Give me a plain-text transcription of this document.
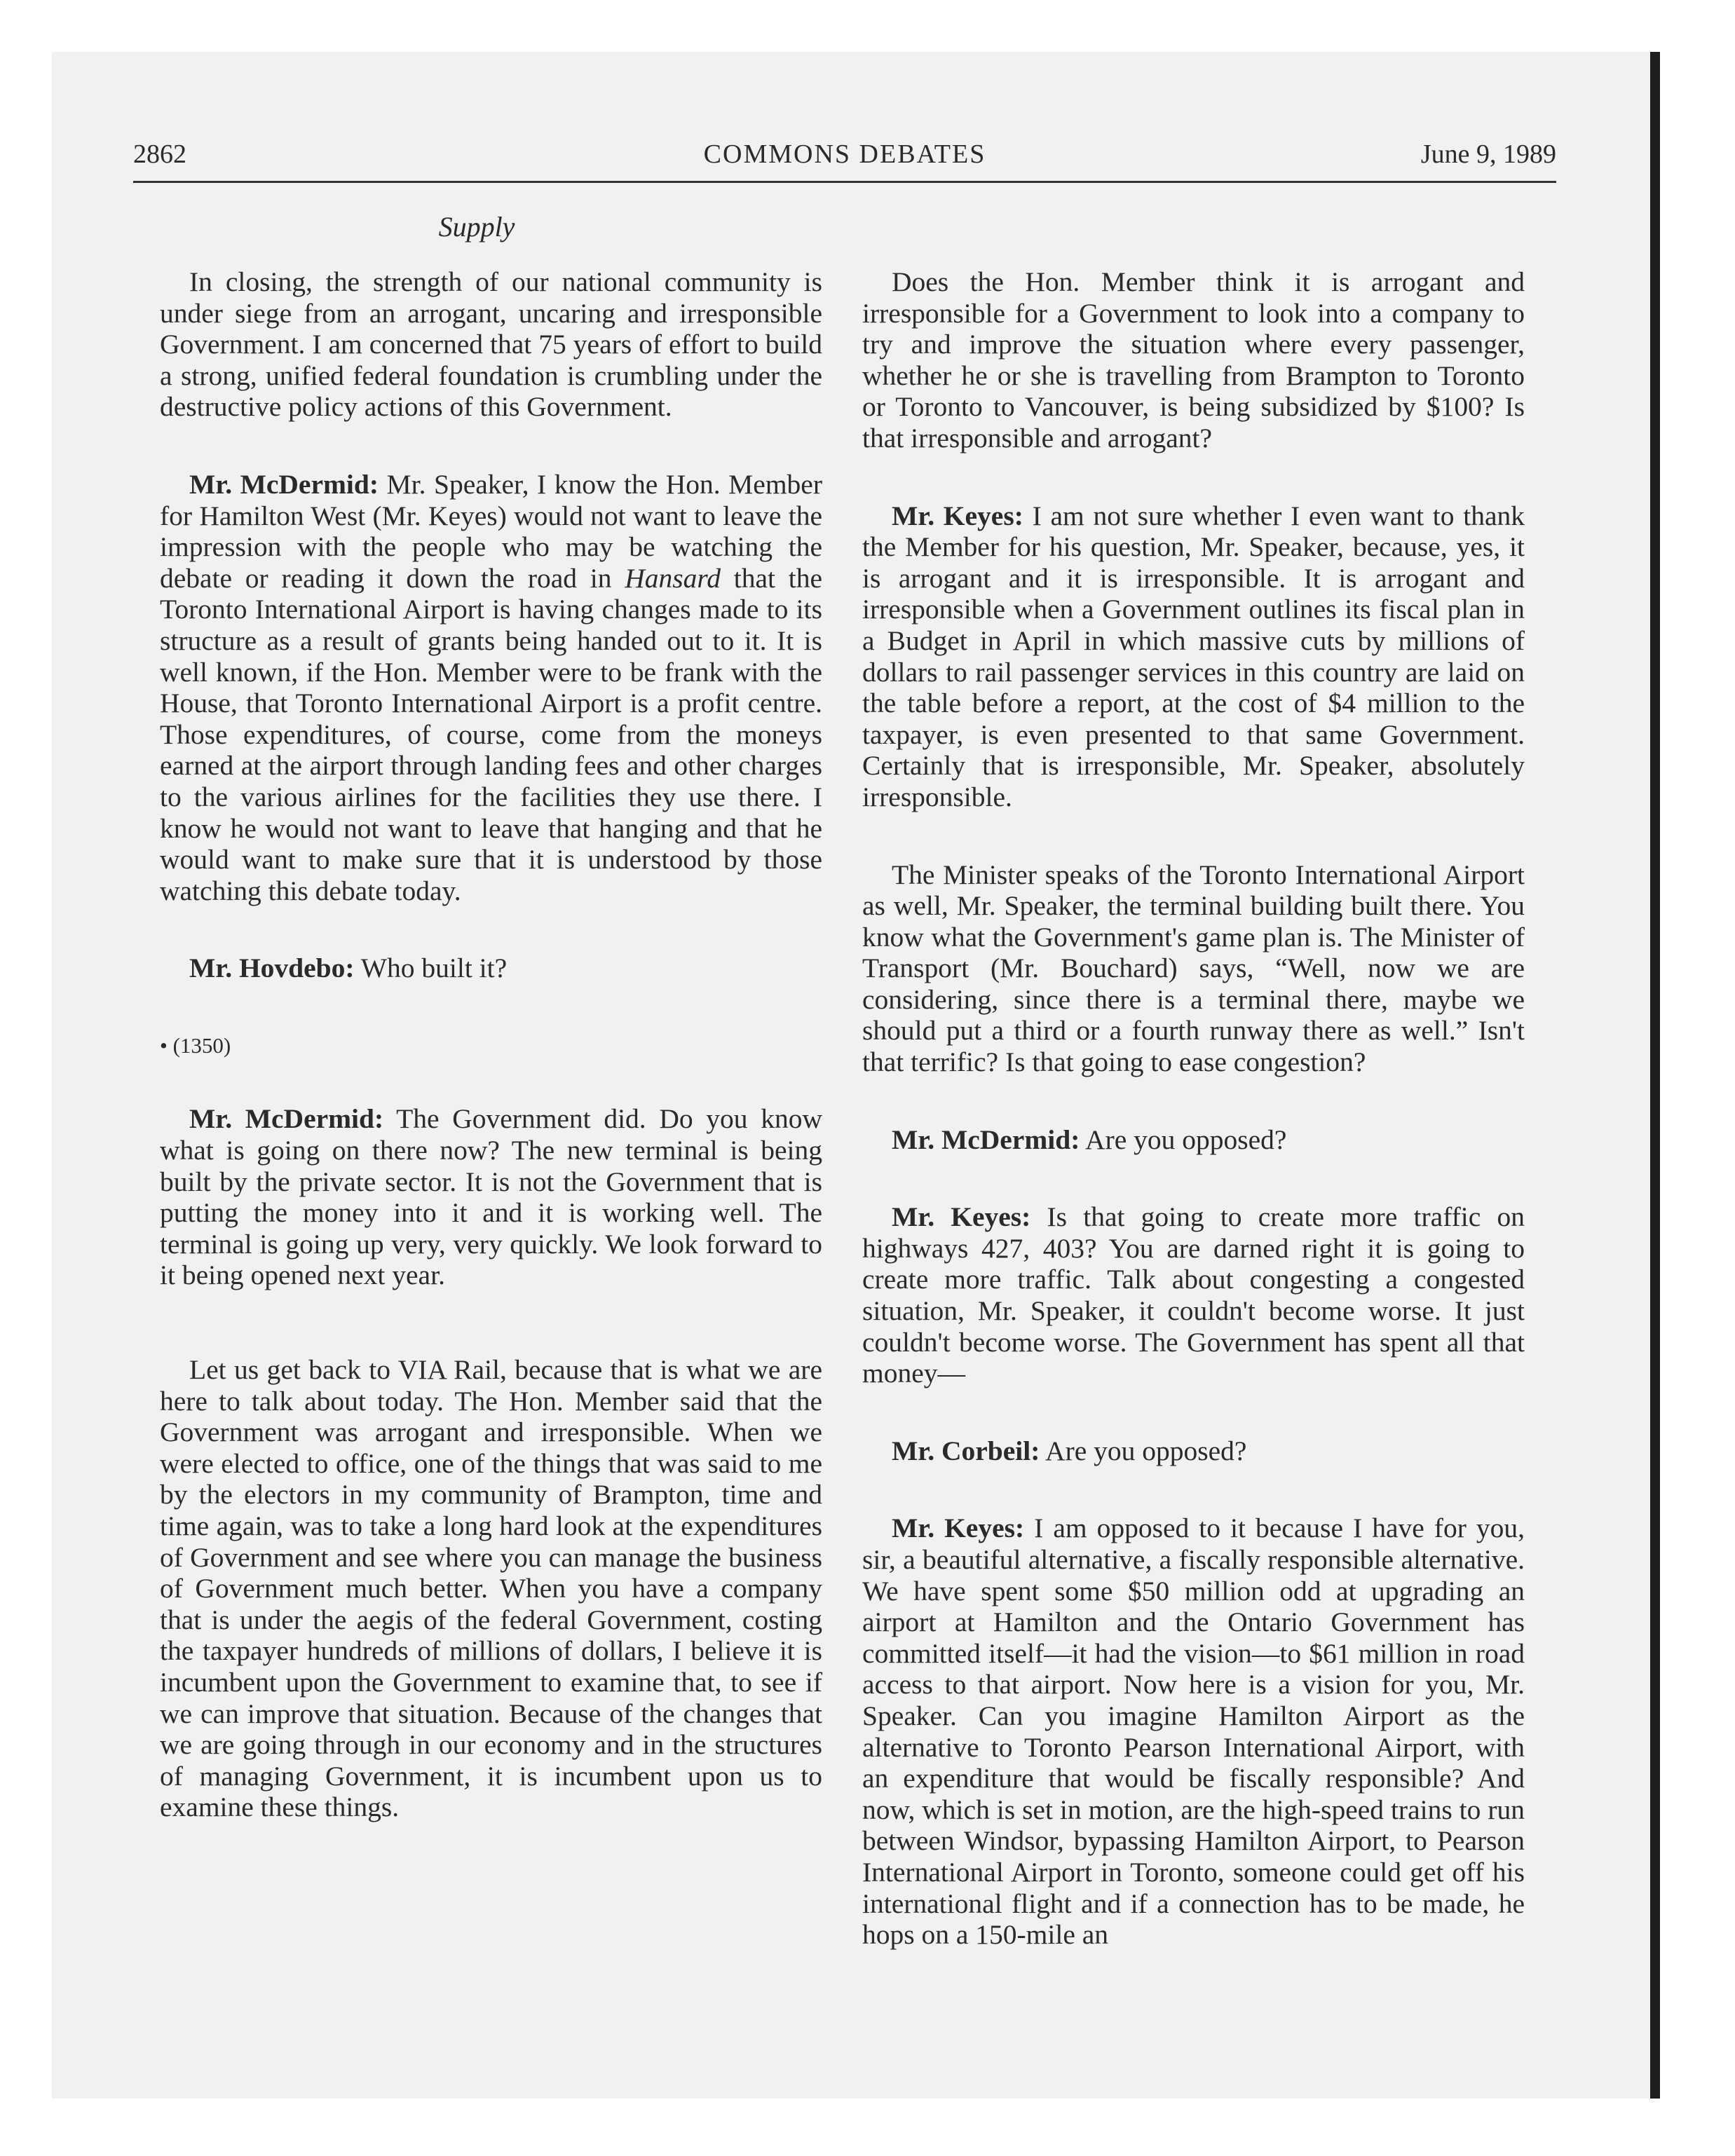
2862	COMMONS DEBATES	June 9, 1989
Supply

In closing, the strength of our national community is under siege from an arrogant, uncaring and irresponsible Government. I am concerned that 75 years of effort to build a strong, unified federal foundation is crumbling under the destructive policy actions of this Government.

Mr. McDermid: Mr. Speaker, I know the Hon. Member for Hamilton West (Mr. Keyes) would not want to leave the impression with the people who may be watching the debate or reading it down the road in Hansard that the Toronto International Airport is having changes made to its structure as a result of grants being handed out to it. It is well known, if the Hon. Member were to be frank with the House, that Toronto International Airport is a profit centre. Those expenditures, of course, come from the moneys earned at the airport through landing fees and other charges to the various airlines for the facilities they use there. I know he would not want to leave that hanging and that he would want to make sure that it is understood by those watching this debate today.

Mr. Hovdebo: Who built it?

• (1350)

Mr. McDermid: The Government did. Do you know what is going on there now? The new terminal is being built by the private sector. It is not the Government that is putting the money into it and it is working well. The terminal is going up very, very quickly. We look forward to it being opened next year.

Let us get back to VIA Rail, because that is what we are here to talk about today. The Hon. Member said that the Government was arrogant and irresponsible. When we were elected to office, one of the things that was said to me by the electors in my community of Brampton, time and time again, was to take a long hard look at the expenditures of Government and see where you can manage the business of Government much better. When you have a company that is under the aegis of the federal Government, costing the taxpayer hundreds of millions of dollars, I believe it is incumbent upon the Government to examine that, to see if we can improve that situation. Because of the changes that we are going through in our economy and in the structures of managing Government, it is incumbent upon us to examine these things.

Does the Hon. Member think it is arrogant and irresponsible for a Government to look into a company to try and improve the situation where every passenger, whether he or she is travelling from Brampton to Toronto or Toronto to Vancouver, is being subsidized by $100? Is that irresponsible and arrogant?

Mr. Keyes: I am not sure whether I even want to thank the Member for his question, Mr. Speaker, because, yes, it is arrogant and it is irresponsible. It is arrogant and irresponsible when a Government outlines its fiscal plan in a Budget in April in which massive cuts by millions of dollars to rail passenger services in this country are laid on the table before a report, at the cost of $4 million to the taxpayer, is even presented to that same Government. Certainly that is irresponsible, Mr. Speaker, absolutely irresponsible.

The Minister speaks of the Toronto International Airport as well, Mr. Speaker, the terminal building built there. You know what the Government's game plan is. The Minister of Transport (Mr. Bouchard) says, “Well, now we are considering, since there is a terminal there, maybe we should put a third or a fourth runway there as well.” Isn't that terrific? Is that going to ease congestion?

Mr. McDermid: Are you opposed?

Mr. Keyes: Is that going to create more traffic on highways 427, 403? You are darned right it is going to create more traffic. Talk about congesting a congested situation, Mr. Speaker, it couldn't become worse. It just couldn't become worse. The Government has spent all that money—

Mr. Corbeil: Are you opposed?

Mr. Keyes: I am opposed to it because I have for you, sir, a beautiful alternative, a fiscally responsible alternative. We have spent some $50 million odd at upgrading an airport at Hamilton and the Ontario Government has committed itself—it had the vision—to $61 million in road access to that airport. Now here is a vision for you, Mr. Speaker. Can you imagine Hamilton Airport as the alternative to Toronto Pearson International Airport, with an expenditure that would be fiscally responsible? And now, which is set in motion, are the high-speed trains to run between Windsor, bypassing Hamilton Airport, to Pearson International Airport in Toronto, someone could get off his international flight and if a connection has to be made, he hops on a 150-mile an
